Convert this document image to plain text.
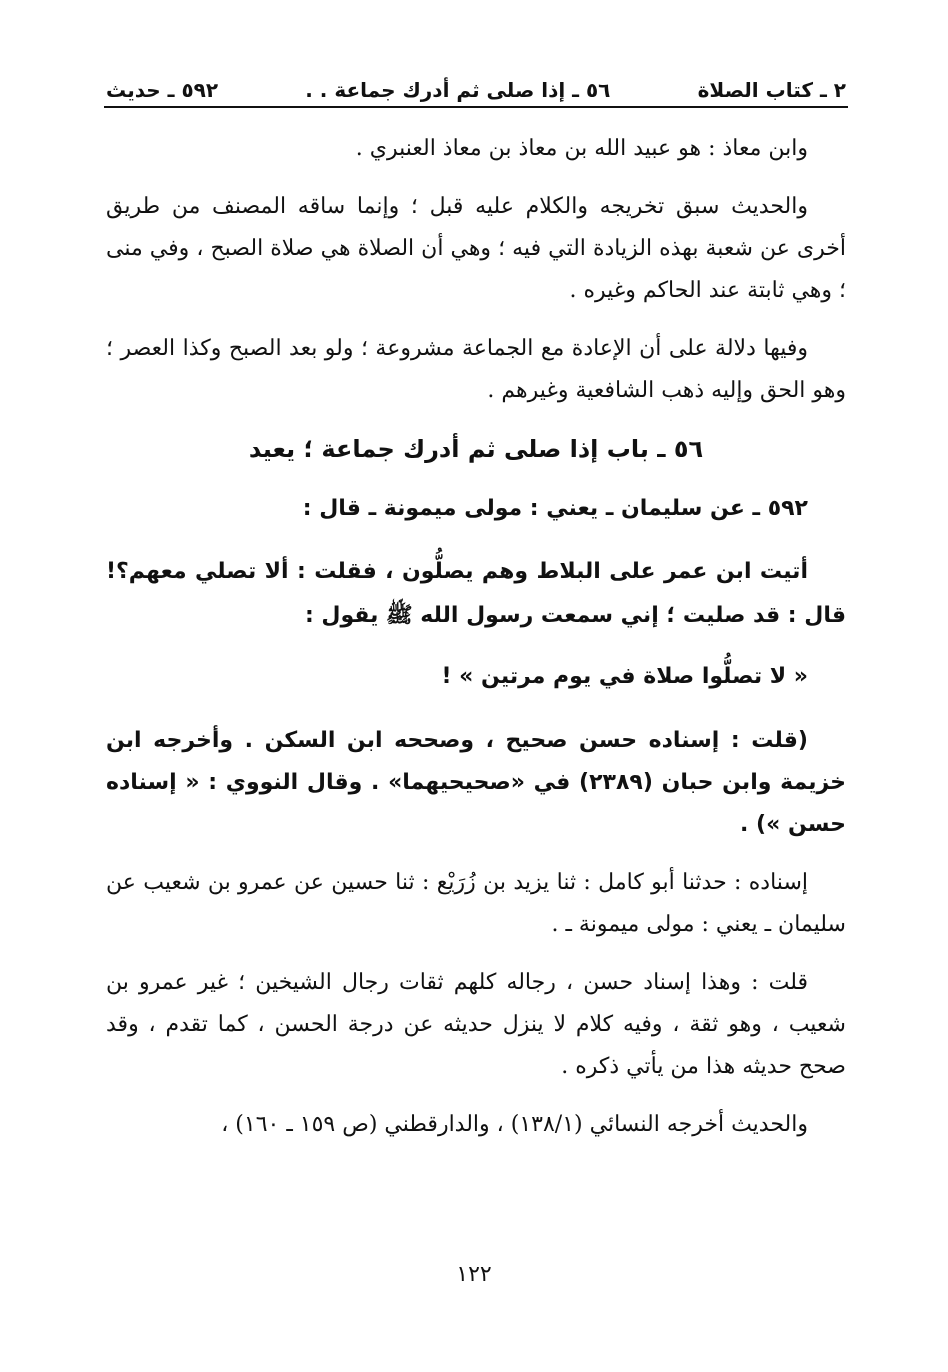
٢ ـ كتاب الصلاة
٥٦ ـ إذا صلى ثم أدرك جماعة . .
٥٩٢ ـ حديث

وابن معاذ : هو عبيد الله بن معاذ بن معاذ العنبري .

والحديث سبق تخريجه والكلام عليه قبل ؛ وإنما ساقه المصنف من طريق أخرى عن شعبة بهذه الزيادة التي فيه ؛ وهي أن الصلاة هي صلاة الصبح ، وفي منى ؛ وهي ثابتة عند الحاكم وغيره .

وفيها دلالة على أن الإعادة مع الجماعة مشروعة ؛ ولو بعد الصبح وكذا العصر ؛ وهو الحق وإليه ذهب الشافعية وغيرهم .

٥٦ ـ باب إذا صلى ثم أدرك جماعة ؛ يعيد

٥٩٢ ـ عن سليمان ـ يعني : مولى ميمونة ـ قال :

أتيت ابن عمر على البلاط وهم يصلُّون ، فقلت : ألا تصلي معهم؟! قال : قد صليت ؛ إني سمعت رسول الله ﷺ يقول :

« لا تصلُّوا صلاة في يوم مرتين » !

(قلت : إسناده حسن صحيح ، وصححه ابن السكن . وأخرجه ابن خزيمة وابن حبان (٢٣٨٩) في «صحيحيهما» . وقال النووي : « إسناده حسن ») .

إسناده : حدثنا أبو كامل : ثنا يزيد بن زُرَيْع : ثنا حسين عن عمرو بن شعيب عن سليمان ـ يعني : مولى ميمونة ـ .

قلت : وهذا إسناد حسن ، رجاله كلهم ثقات رجال الشيخين ؛ غير عمرو بن شعيب ، وهو ثقة ، وفيه كلام لا ينزل حديثه عن درجة الحسن ، كما تقدم ، وقد صحح حديثه هذا من يأتي ذكره .

والحديث أخرجه النسائي (١٣٨/١) ، والدارقطني (ص ١٥٩ ـ ١٦٠) ،

١٢٢
